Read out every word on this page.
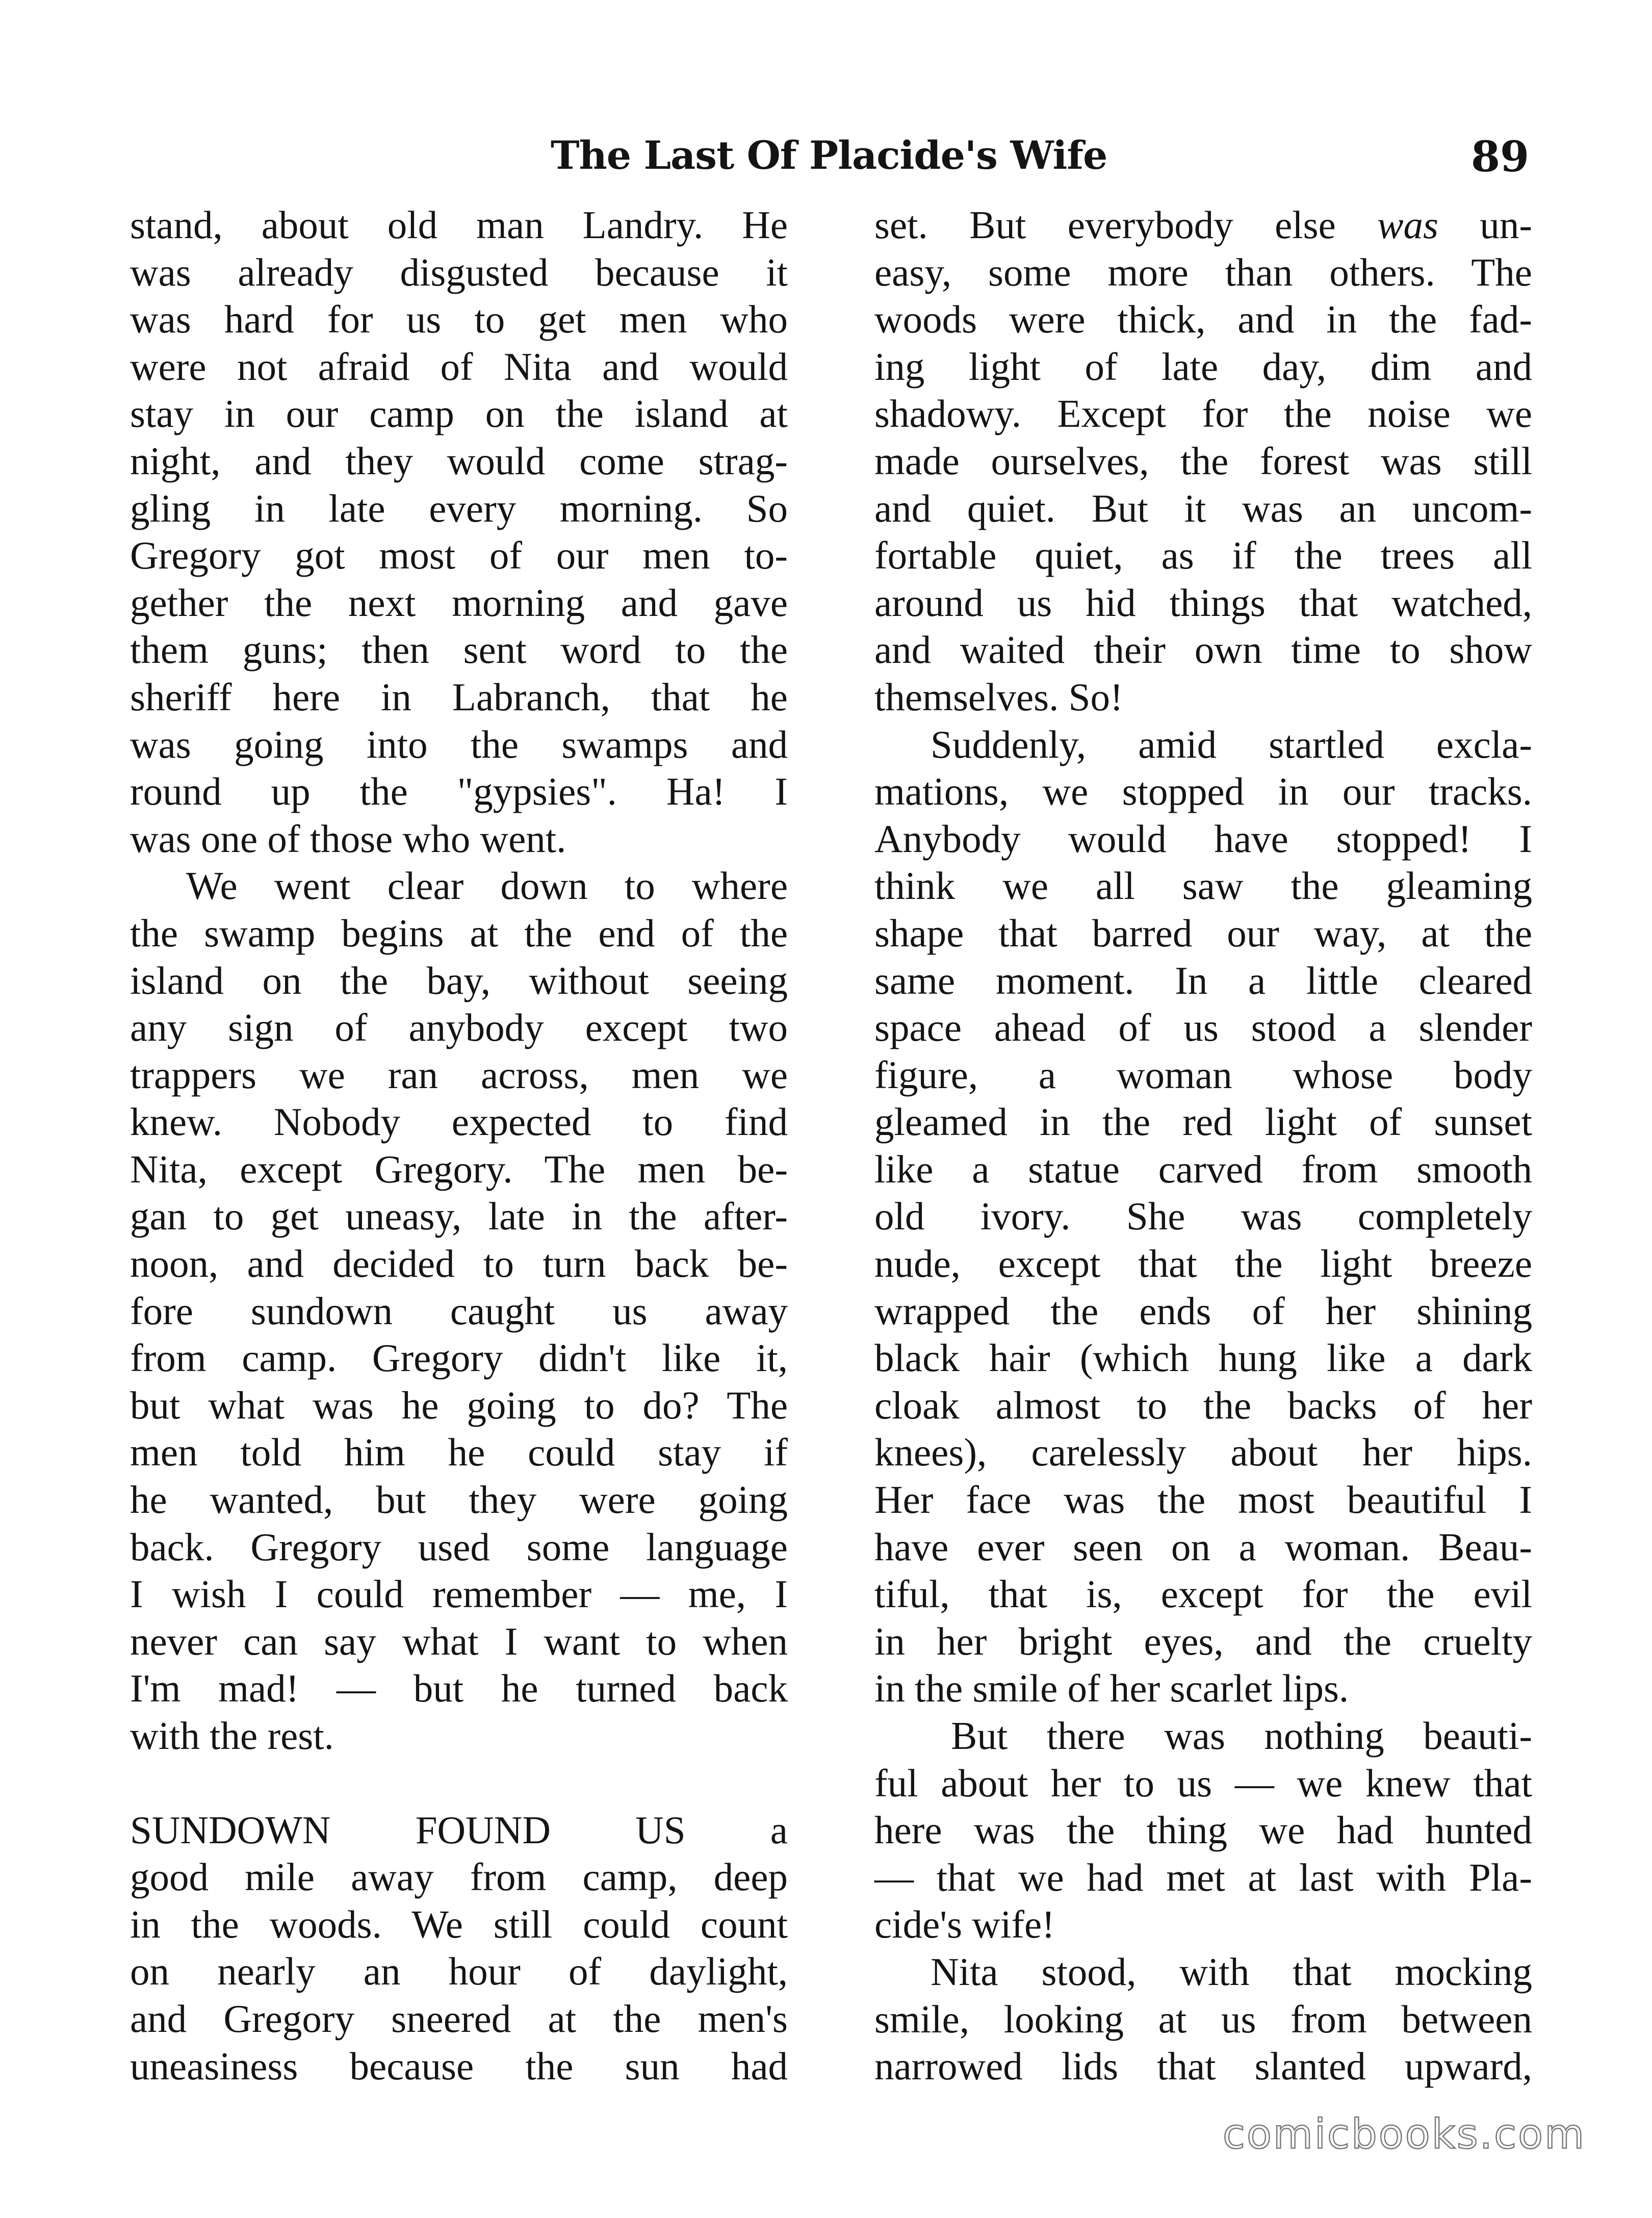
The Last Of Placide's Wife	89
stand, about old man Landry. He
was already disgusted because it
was hard for us to get men who
were not afraid of Nita and would
stay in our camp on the island at
night, and they would come strag-
gling in late every morning. So
Gregory got most of our men to-
gether the next morning and gave
them guns; then sent word to the
sheriff here in Labranch, that he
was going into the swamps and
round up the "gypsies". Ha! I
was one of those who went.
We went clear down to where
the swamp begins at the end of the
island on the bay, without seeing
any sign of anybody except two
trappers we ran across, men we
knew. Nobody expected to find
Nita, except Gregory. The men be-
gan to get uneasy, late in the after-
noon, and decided to turn back be-
fore sundown caught us away
from camp. Gregory didn't like it,
but what was he going to do? The
men told him he could stay if
he wanted, but they were going
back. Gregory used some language
I wish I could remember — me, I
never can say what I want to when
I'm mad! — but he turned back
with the rest.
SUNDOWN FOUND US a
good mile away from camp, deep
in the woods. We still could count
on nearly an hour of daylight,
and Gregory sneered at the men's
uneasiness because the sun had
set. But everybody else was un-
easy, some more than others. The
woods were thick, and in the fad-
ing light of late day, dim and
shadowy. Except for the noise we
made ourselves, the forest was still
and quiet. But it was an uncom-
fortable quiet, as if the trees all
around us hid things that watched,
and waited their own time to show
themselves. So!
Suddenly, amid startled excla-
mations, we stopped in our tracks.
Anybody would have stopped! I
think we all saw the gleaming
shape that barred our way, at the
same moment. In a little cleared
space ahead of us stood a slender
figure, a woman whose body
gleamed in the red light of sunset
like a statue carved from smooth
old ivory. She was completely
nude, except that the light breeze
wrapped the ends of her shining
black hair (which hung like a dark
cloak almost to the backs of her
knees), carelessly about her hips.
Her face was the most beautiful I
have ever seen on a woman. Beau-
tiful, that is, except for the evil
in her bright eyes, and the cruelty
in the smile of her scarlet lips.
But there was nothing beauti-
ful about her to us — we knew that
here was the thing we had hunted
— that we had met at last with Pla-
cide's wife!
Nita stood, with that mocking
smile, looking at us from between
narrowed lids that slanted upward,
comicbooks.com
